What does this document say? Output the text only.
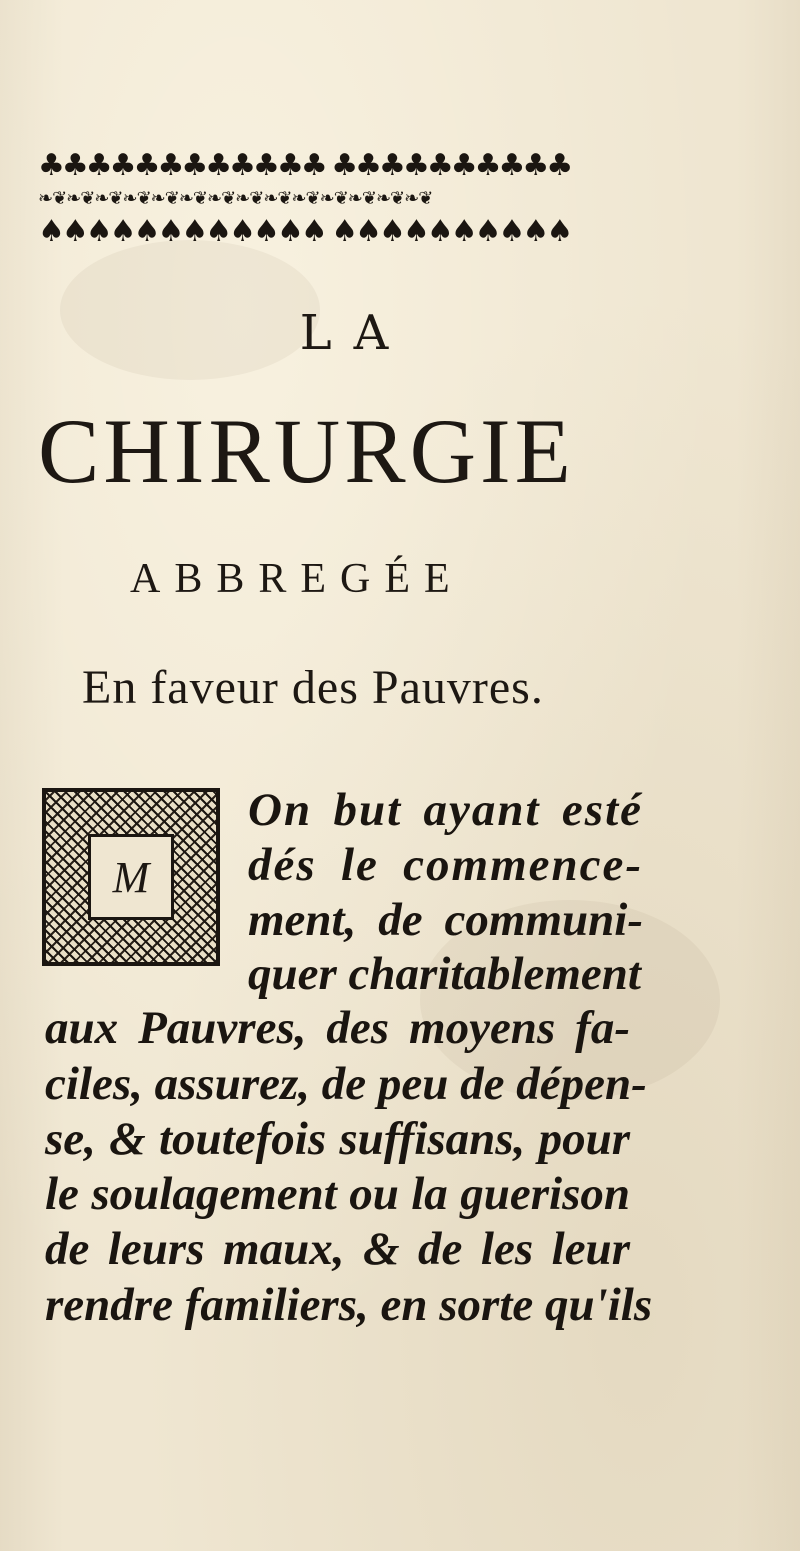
♣♣♣♣♣♣♣♣♣♣♣♣ ♣♣♣♣♣♣♣♣♣♣
❧❦❧❦❧❦❧❦❧❦❧❦❧❦❧❦❧❦❧❦❧❦❧❦❧❦❧❦
♠♠♠♠♠♠♠♠♠♠♠♠ ♠♠♠♠♠♠♠♠♠♠
LA
CHIRURGIE
ABBREGÉE
En faveur des Pauvres.
M
On but ayant esté
dés le commence-
ment, de communi-
quer charitablement
aux Pauvres, des moyens fa-
ciles, assurez, de peu de dépen-
se, & toutefois suffisans, pour
le soulagement ou la guerison
de leurs maux, & de les leur
rendre familiers, en sorte qu'ils
